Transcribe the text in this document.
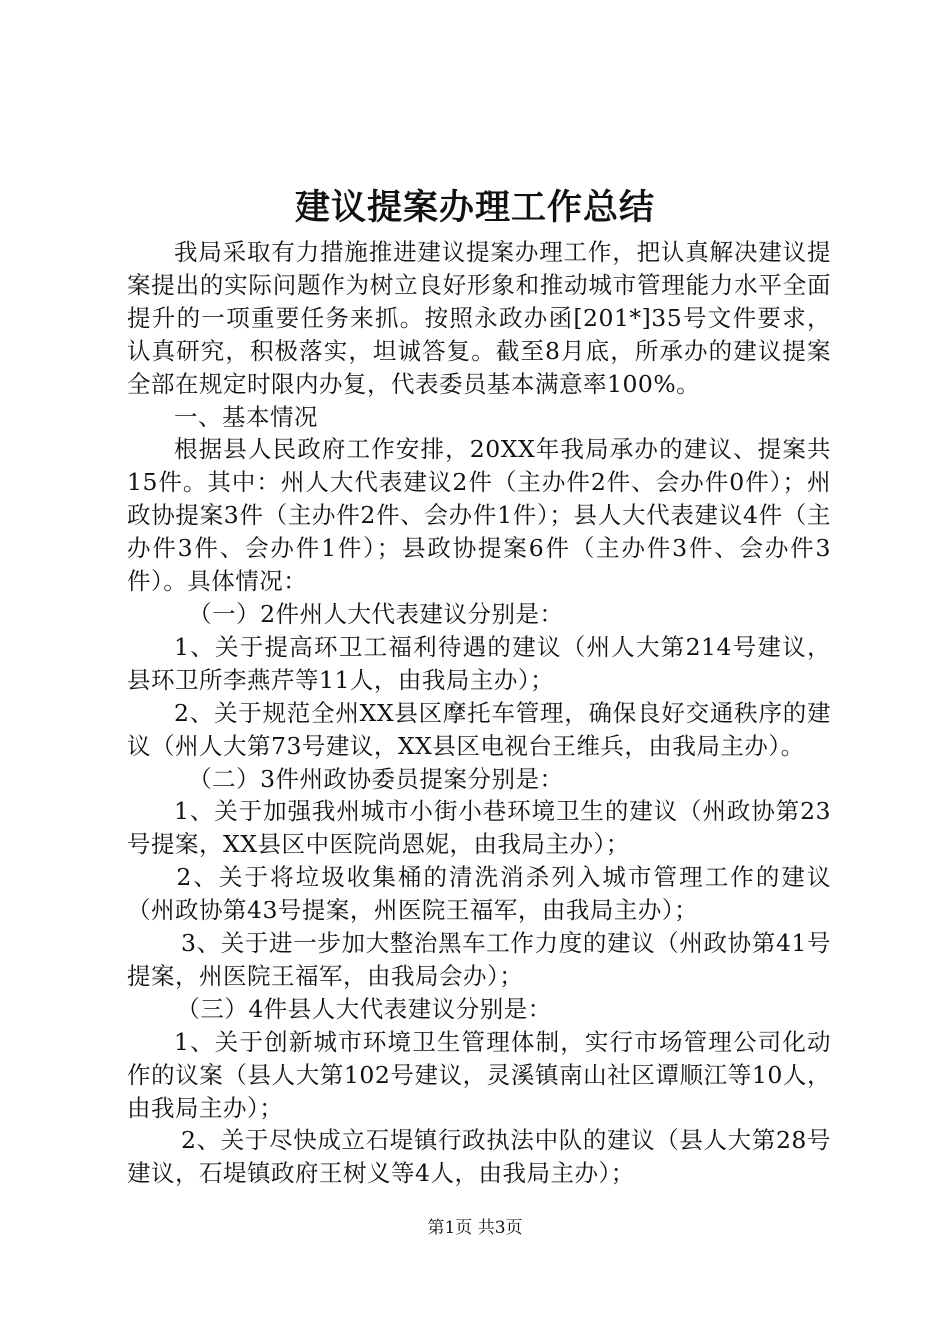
建议提案办理工作总结

我局采取有力措施推进建议提案办理工作，把认真解决建议提案提出的实际问题作为树立良好形象和推动城市管理能力水平全面提升的一项重要任务来抓。按照永政办函[201*]35号文件要求，认真研究，积极落实，坦诚答复。截至8月底，所承办的建议提案全部在规定时限内办复，代表委员基本满意率100%。

一、基本情况

根据县人民政府工作安排，20XX年我局承办的建议、提案共15件。其中：州人大代表建议2件（主办件2件、会办件0件）；州政协提案3件（主办件2件、会办件1件）；县人大代表建议4件（主办件3件、会办件1件）；县政协提案6件（主办件3件、会办件3件）。具体情况：

（一）2件州人大代表建议分别是：

1、关于提高环卫工福利待遇的建议（州人大第214号建议，县环卫所李燕芹等11人，由我局主办）；

2、关于规范全州XX县区摩托车管理，确保良好交通秩序的建议（州人大第73号建议，XX县区电视台王维兵，由我局主办）。

（二）3件州政协委员提案分别是：

1、关于加强我州城市小街小巷环境卫生的建议（州政协第23号提案，XX县区中医院尚恩妮，由我局主办）；

2、关于将垃圾收集桶的清洗消杀列入城市管理工作的建议（州政协第43号提案，州医院王福军，由我局主办）；

3、关于进一步加大整治黑车工作力度的建议（州政协第41号提案，州医院王福军，由我局会办）；

（三）4件县人大代表建议分别是：

1、关于创新城市环境卫生管理体制，实行市场管理公司化动作的议案（县人大第102号建议，灵溪镇南山社区谭顺江等10人，由我局主办）；

2、关于尽快成立石堤镇行政执法中队的建议（县人大第28号建议，石堤镇政府王树义等4人，由我局主办）；

第1页 共3页
